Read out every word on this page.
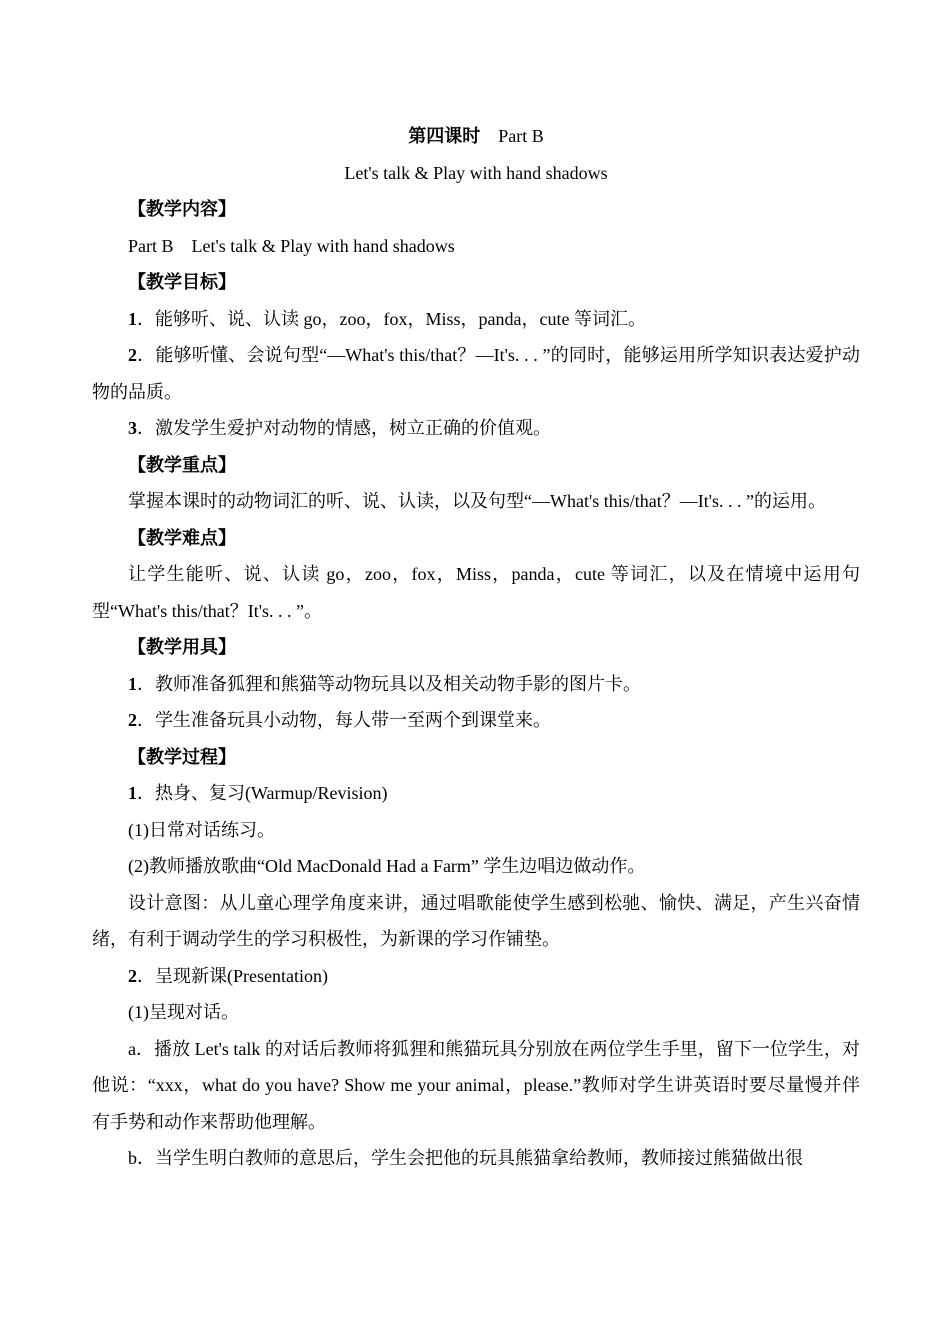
第四课时 Part B
Let's talk & Play with hand shadows
【教学内容】
Part B　Let's talk & Play with hand shadows
【教学目标】
1．能够听、说、认读 go，zoo，fox，Miss，panda，cute 等词汇。
2．能够听懂、会说句型“—What's this/that？—It's. . . ”的同时，能够运用所学知识表达爱护动物的品质。
3．激发学生爱护对动物的情感，树立正确的价值观。
【教学重点】
掌握本课时的动物词汇的听、说、认读，以及句型“—What's this/that？—It's. . . ”的运用。
【教学难点】
让学生能听、说、认读 go，zoo，fox，Miss，panda，cute 等词汇，以及在情境中运用句型“What's this/that？It's. . . ”。
【教学用具】
1．教师准备狐狸和熊猫等动物玩具以及相关动物手影的图片卡。
2．学生准备玩具小动物，每人带一至两个到课堂来。
【教学过程】
1．热身、复习(Warmup/Revision)
(1)日常对话练习。
(2)教师播放歌曲“Old MacDonald Had a Farm” 学生边唱边做动作。
设计意图：从儿童心理学角度来讲，通过唱歌能使学生感到松驰、愉快、满足，产生兴奋情绪，有利于调动学生的学习积极性，为新课的学习作铺垫。
2．呈现新课(Presentation)
(1)呈现对话。
a．播放 Let's talk 的对话后教师将狐狸和熊猫玩具分别放在两位学生手里，留下一位学生，对他说：“xxx，what do you have? Show me your animal，please.”教师对学生讲英语时要尽量慢并伴有手势和动作来帮助他理解。
b．当学生明白教师的意思后，学生会把他的玩具熊猫拿给教师，教师接过熊猫做出很
